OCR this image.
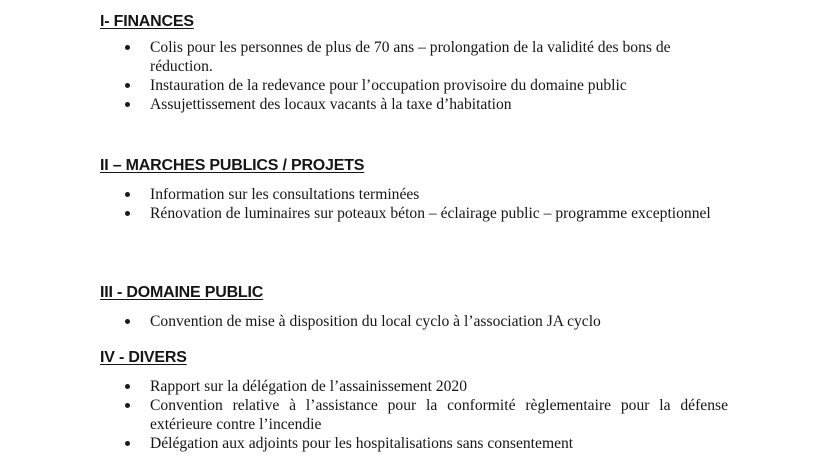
I- FINANCES
Colis pour les personnes de plus de 70 ans – prolongation de la validité des bons de réduction.
Instauration de la redevance pour l’occupation provisoire du domaine public
Assujettissement des locaux vacants à la taxe d’habitation
II – MARCHES PUBLICS / PROJETS
Information sur les consultations terminées
Rénovation de luminaires sur poteaux béton – éclairage public – programme exceptionnel
III - DOMAINE PUBLIC
Convention de mise à disposition du local cyclo à l’association JA cyclo
IV - DIVERS
Rapport sur la délégation de l’assainissement 2020
Convention relative à l’assistance pour la conformité règlementaire pour la défense extérieure contre l’incendie
Délégation aux adjoints pour les hospitalisations sans consentement
